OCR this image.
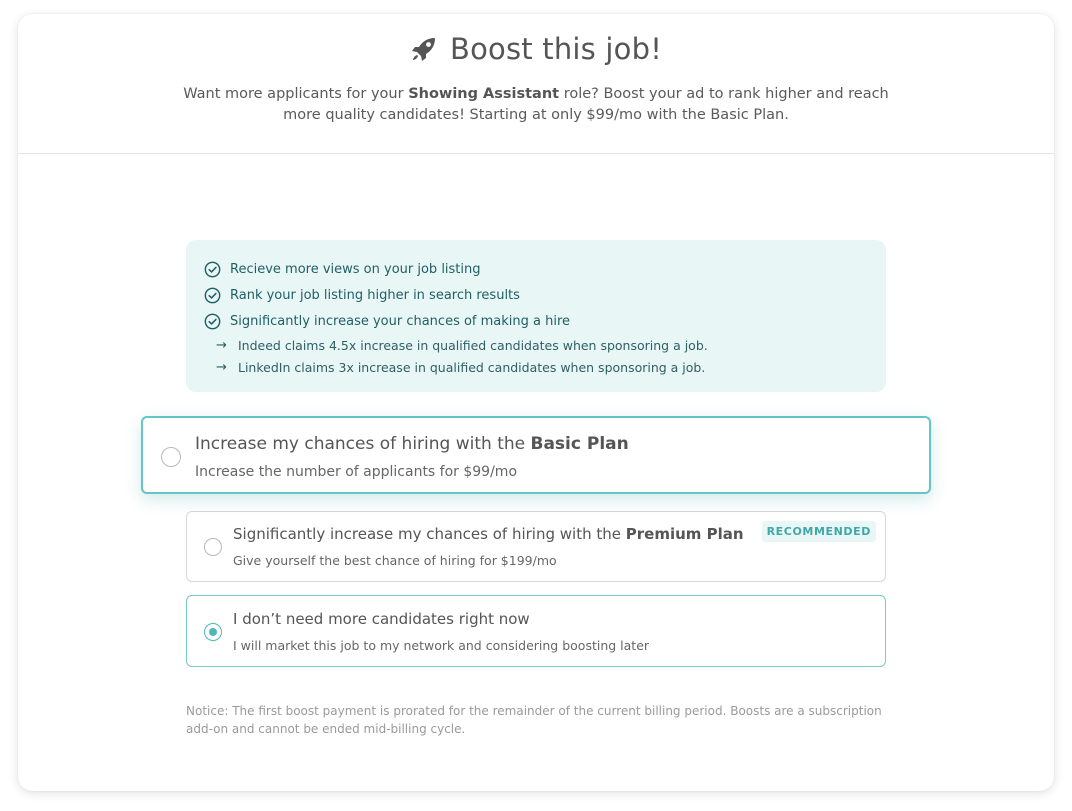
Boost this job!

Want more applicants for your Showing Assistant role? Boost your ad to rank higher and reach more quality candidates! Starting at only $99/mo with the Basic Plan.

Recieve more views on your job listing
Rank your job listing higher in search results
Significantly increase your chances of making a hire
→ Indeed claims 4.5x increase in qualified candidates when sponsoring a job.
→ LinkedIn claims 3x increase in qualified candidates when sponsoring a job.
Increase my chances of hiring with the Basic Plan
Increase the number of applicants for $99/mo
Significantly increase my chances of hiring with the Premium Plan
Give yourself the best chance of hiring for $199/mo
RECOMMENDED
I don’t need more candidates right now
I will market this job to my network and considering boosting later

Notice: The first boost payment is prorated for the remainder of the current billing period. Boosts are a subscription add-on and cannot be ended mid-billing cycle.
